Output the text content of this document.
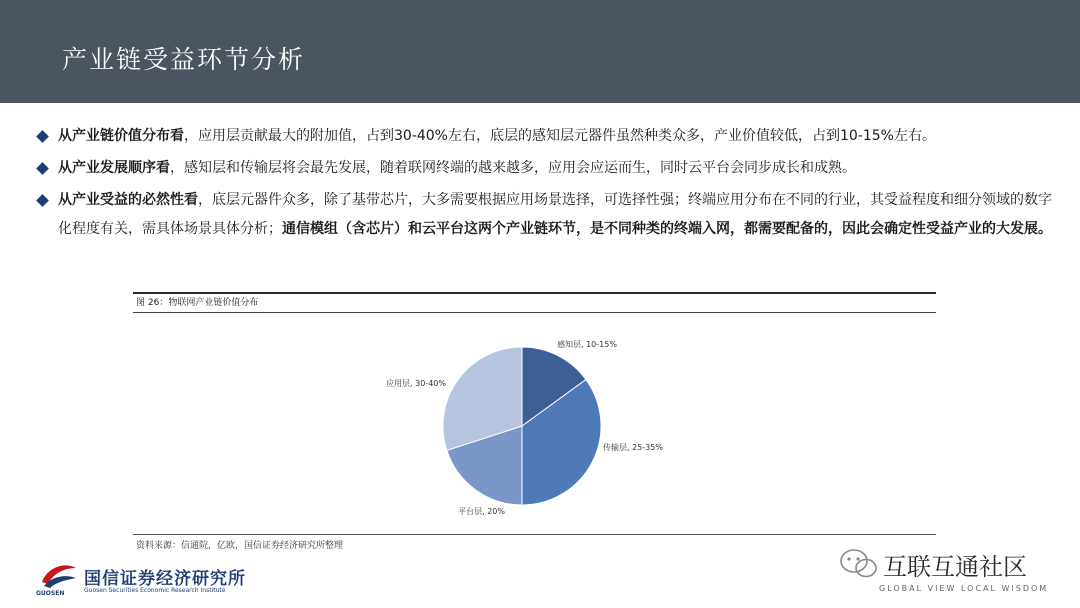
产业链受益环节分析
从产业链价值分布看，应用层贡献最大的附加值，占到30-40%左右，底层的感知层元器件虽然种类众多，产业价值较低，占到10-15%左右。
从产业发展顺序看，感知层和传输层将会最先发展，随着联网终端的越来越多，应用会应运而生，同时云平台会同步成长和成熟。
从产业受益的必然性看，底层元器件众多，除了基带芯片，大多需要根据应用场景选择，可选择性强；终端应用分布在不同的行业，其受益程度和细分领域的数字化程度有关，需具体场景具体分析；通信模组（含芯片）和云平台这两个产业链环节，是不同种类的终端入网，都需要配备的，因此会确定性受益产业的大发展。
图 26：物联网产业链价值分布
感知层, 10-15%
传输层, 25-35%
平台层, 20%
应用层, 30-40%
资料来源：信通院，亿欧，国信证券经济研究所整理
GUOSEN
国信证券经济研究所
Guosen Securities Economic Research Institute
互联互通社区
GLOBAL VIEW LOCAL WISDOM
